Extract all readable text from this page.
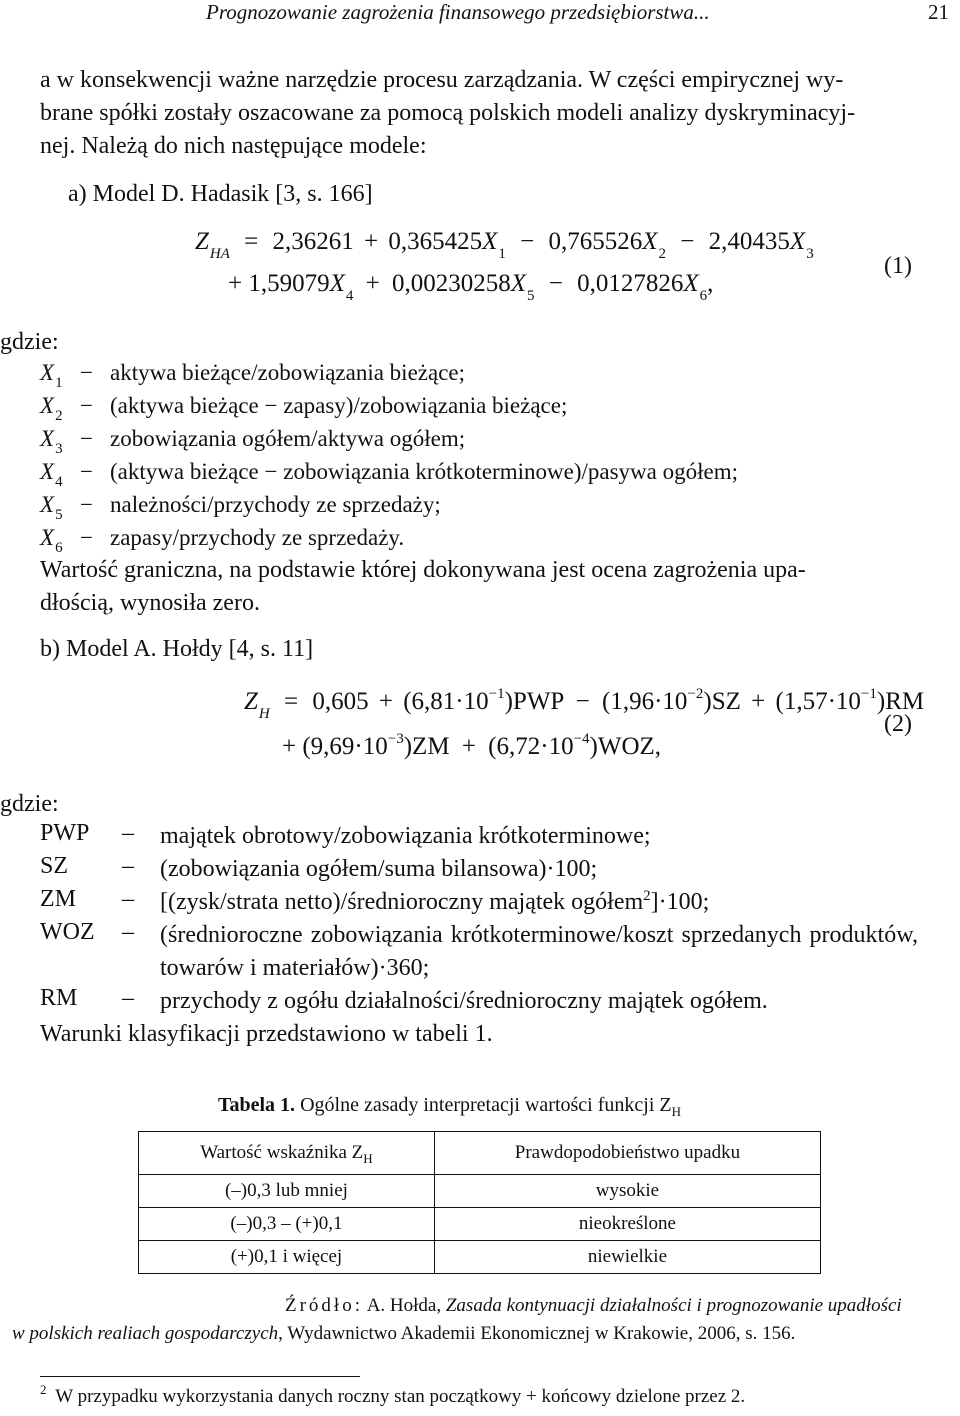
Prognozowanie zagrożenia finansowego przedsiębiorstwa...	21
a w konsekwencji ważne narzędzie procesu zarządzania. W części empirycznej wy-
brane spółki zostały oszacowane za pomocą polskich modeli analizy dyskryminacyj-
nej. Należą do nich następujące modele:
a) Model D. Hadasik [3, s. 166]
$Z_{HA} = 2,36261 + 0,365425X_1 - 0,765526X_2 - 2,40435X_3$
+ $1,59079X_4 + 0,00230258X_5 - 0,0127826X_6$,
(1)
gdzie:
$X_1$ − aktywa bieżące/zobowiązania bieżące;
$X_2$ − (aktywa bieżące − zapasy)/zobowiązania bieżące;
$X_3$ − zobowiązania ogółem/aktywa ogółem;
$X_4$ − (aktywa bieżące − zobowiązania krótkoterminowe)/pasywa ogółem;
$X_5$ − należności/przychody ze sprzedaży;
$X_6$ − zapasy/przychody ze sprzedaży.
Wartość graniczna, na podstawie której dokonywana jest ocena zagrożenia upa-
dłością, wynosiła zero.
b) Model A. Hołdy [4, s. 11]
$Z_H = 0,605 + (6,81\cdot 10^{-1})PWP - (1,96\cdot 10^{-2})SZ + (1,57\cdot 10^{-1})RM$
+ $(9,69\cdot 10^{-3})ZM + (6,72\cdot 10^{-4})WOZ$,
(2)
gdzie:
PWP – majątek obrotowy/zobowiązania krótkoterminowe;
SZ – (zobowiązania ogółem/suma bilansowa)·100;
ZM – [(zysk/strata netto)/średnioroczny majątek ogółem$^2$]·100;
WOZ – (średnioroczne zobowiązania krótkoterminowe/koszt sprzedanych produktów, towarów i materiałów)·360;
RM – przychody z ogółu działalności/średnioroczny majątek ogółem.
Warunki klasyfikacji przedstawiono w tabeli 1.
Tabela 1. Ogólne zasady interpretacji wartości funkcji $Z_H$
Wartość wskaźnika $Z_H$	Prawdopodobieństwo upadku
(–)0,3 lub mniej	wysokie
(–)0,3 – (+)0,1	nieokreślone
(+)0,1 i więcej	niewielkie
Źródło: A. Hołda, Zasada kontynuacji działalności i prognozowanie upadłości
w polskich realiach gospodarczych, Wydawnictwo Akademii Ekonomicznej w Krakowie, 2006, s. 156.
$^2$ W przypadku wykorzystania danych roczny stan początkowy + końcowy dzielone przez 2.
